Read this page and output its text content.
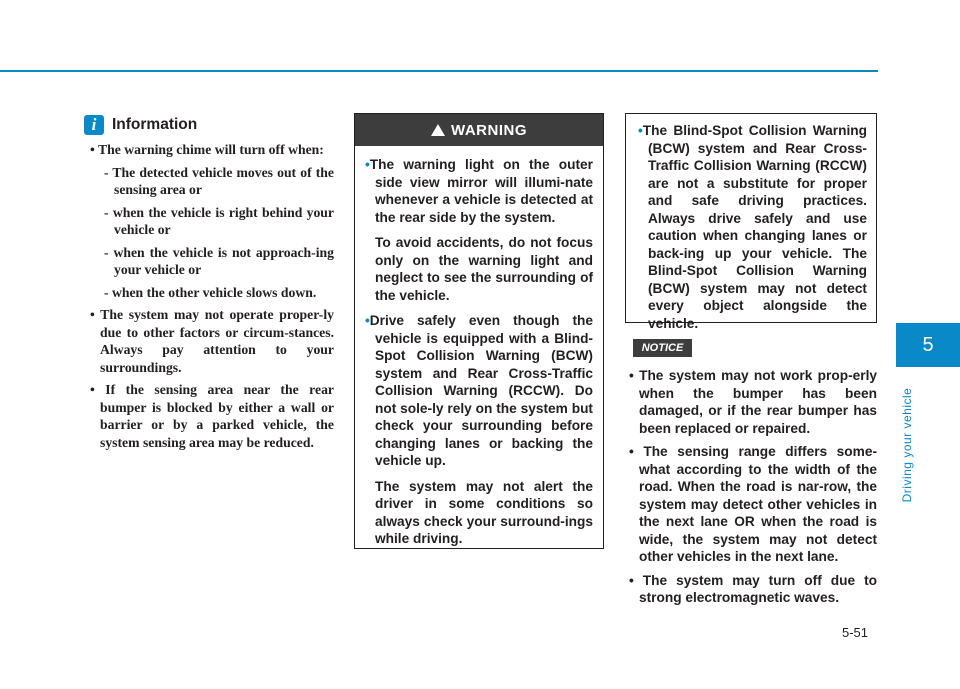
5
Driving your vehicle
5-51
i Information
• The warning chime will turn off when:
- The detected vehicle moves out of the sensing area or
- when the vehicle is right behind your vehicle or
- when the vehicle is not approach-ing your vehicle or
- when the other vehicle slows down.
• The system may not operate proper-ly due to other factors or circum-stances. Always pay attention to your surroundings.
• If the sensing area near the rear bumper is blocked by either a wall or barrier or by a parked vehicle, the system sensing area may be reduced.
WARNING

•The warning light on the outer side view mirror will illumi-nate whenever a vehicle is detected at the rear side by the system.

To avoid accidents, do not focus only on the warning light and neglect to see the surrounding of the vehicle.

•Drive safely even though the vehicle is equipped with a Blind-Spot Collision Warning (BCW) system and Rear Cross-Traffic Collision Warning (RCCW). Do not sole-ly rely on the system but check your surrounding before changing lanes or backing the vehicle up.

The system may not alert the driver in some conditions so always check your surround-ings while driving.

•The Blind-Spot Collision Warning (BCW) system and Rear Cross-Traffic Collision Warning (RCCW) are not a substitute for proper and safe driving practices. Always drive safely and use caution when changing lanes or back-ing up your vehicle. The Blind-Spot Collision Warning (BCW) system may not detect every object alongside the vehicle.

NOTICE
• The system may not work prop-erly when the bumper has been damaged, or if the rear bumper has been replaced or repaired.
• The sensing range differs some-what according to the width of the road. When the road is nar-row, the system may detect other vehicles in the next lane OR when the road is wide, the system may not detect other vehicles in the next lane.
• The system may turn off due to strong electromagnetic waves.
